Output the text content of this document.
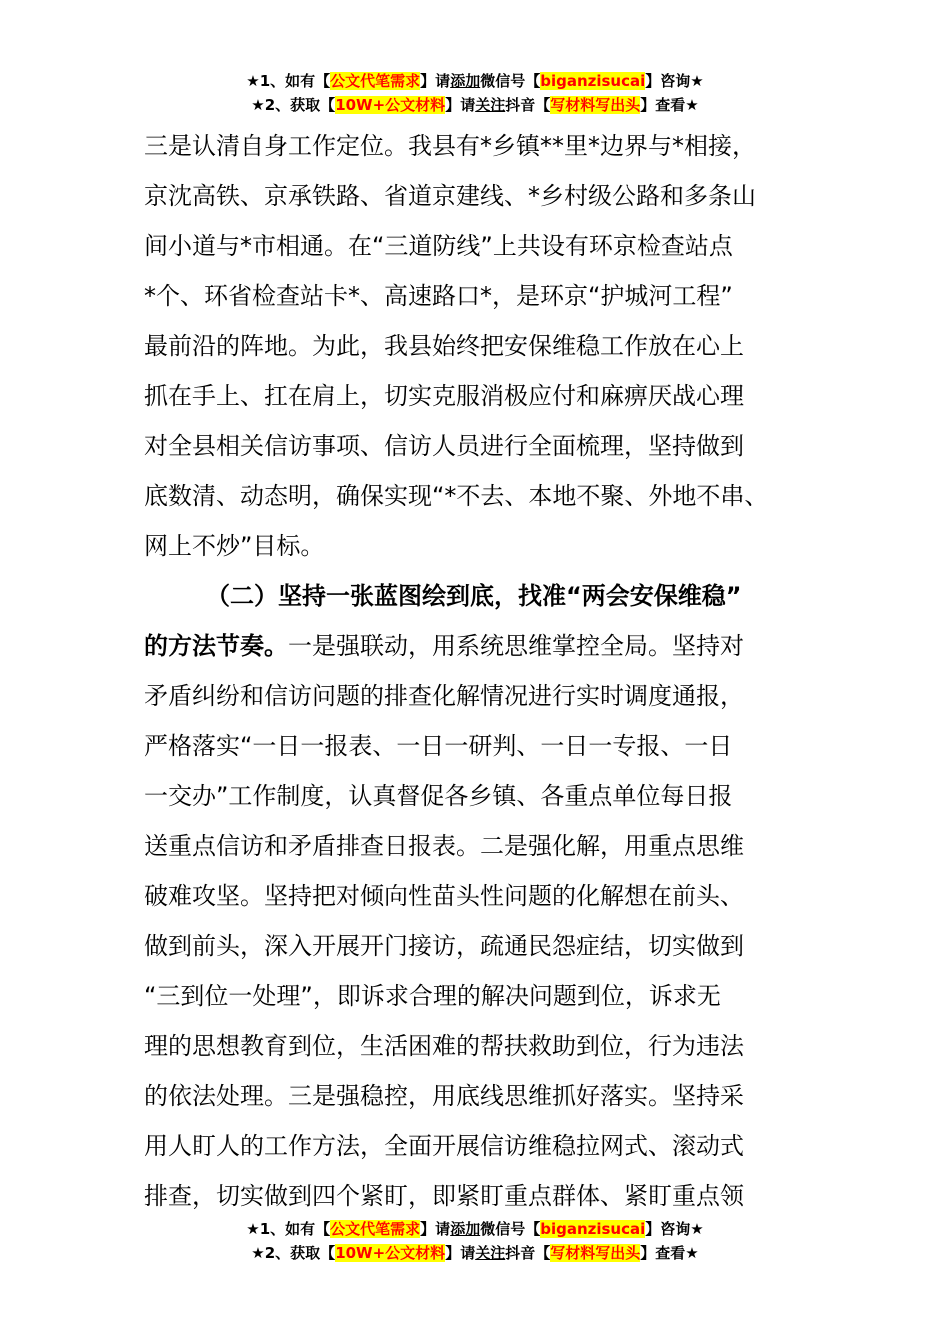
★1、如有【公文代笔需求】请添加微信号【biganzisucai】咨询★
★2、获取【10W+公文材料】请关注抖音【写材料写出头】查看★
三是认清自身工作定位。我县有*乡镇**里*边界与*相接，
京沈高铁、京承铁路、省道京建线、*乡村级公路和多条山
间小道与*市相通。在“三道防线”上共设有环京检查站点
*个、环省检查站卡*、高速路口*，是环京“护城河工程”
最前沿的阵地。为此，我县始终把安保维稳工作放在心上
抓在手上、扛在肩上，切实克服消极应付和麻痹厌战心理
对全县相关信访事项、信访人员进行全面梳理，坚持做到
底数清、动态明，确保实现“*不去、本地不聚、外地不串、
网上不炒”目标。
（二）坚持一张蓝图绘到底，找准“两会安保维稳”
的方法节奏。一是强联动，用系统思维掌控全局。坚持对
矛盾纠纷和信访问题的排查化解情况进行实时调度通报，
严格落实“一日一报表、一日一研判、一日一专报、一日
一交办”工作制度，认真督促各乡镇、各重点单位每日报
送重点信访和矛盾排查日报表。二是强化解，用重点思维
破难攻坚。坚持把对倾向性苗头性问题的化解想在前头、
做到前头，深入开展开门接访，疏通民怨症结，切实做到
“三到位一处理”，即诉求合理的解决问题到位，诉求无
理的思想教育到位，生活困难的帮扶救助到位，行为违法
的依法处理。三是强稳控，用底线思维抓好落实。坚持采
用人盯人的工作方法，全面开展信访维稳拉网式、滚动式
排查，切实做到四个紧盯，即紧盯重点群体、紧盯重点领
★1、如有【公文代笔需求】请添加微信号【biganzisucai】咨询★
★2、获取【10W+公文材料】请关注抖音【写材料写出头】查看★
